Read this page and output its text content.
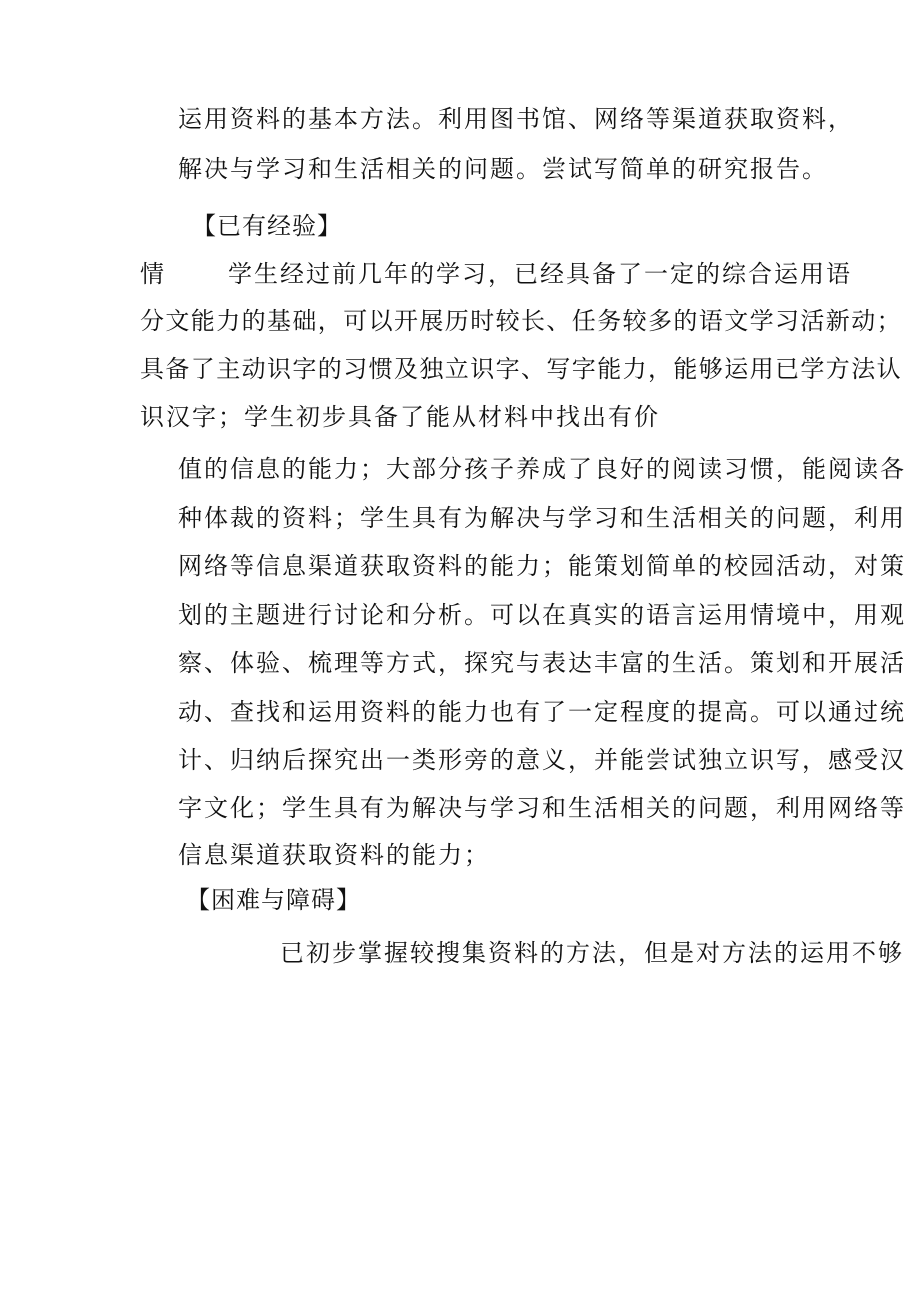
运用资料的基本方法。利用图书馆、网络等渠道获取资料，
解决与学习和生活相关的问题。尝试写简单的研究报告。
【已有经验】
情	学生经过前几年的学习，已经具备了一定的综合运用语
分文能力的基础，可以开展历时较长、任务较多的语文学习活新动；
具备了主动识字的习惯及独立识字、写字能力，能够运用已学方法认
识汉字；学生初步具备了能从材料中找出有价
值的信息的能力；大部分孩子养成了良好的阅读习惯，能阅读各
种体裁的资料；学生具有为解决与学习和生活相关的问题，利用
网络等信息渠道获取资料的能力；能策划简单的校园活动，对策
划的主题进行讨论和分析。可以在真实的语言运用情境中，用观
察、体验、梳理等方式，探究与表达丰富的生活。策划和开展活
动、查找和运用资料的能力也有了一定程度的提高。可以通过统
计、归纳后探究出一类形旁的意义，并能尝试独立识写，感受汉
字文化；学生具有为解决与学习和生活相关的问题，利用网络等
信息渠道获取资料的能力；
【困难与障碍】
已初步掌握较搜集资料的方法，但是对方法的运用不够
